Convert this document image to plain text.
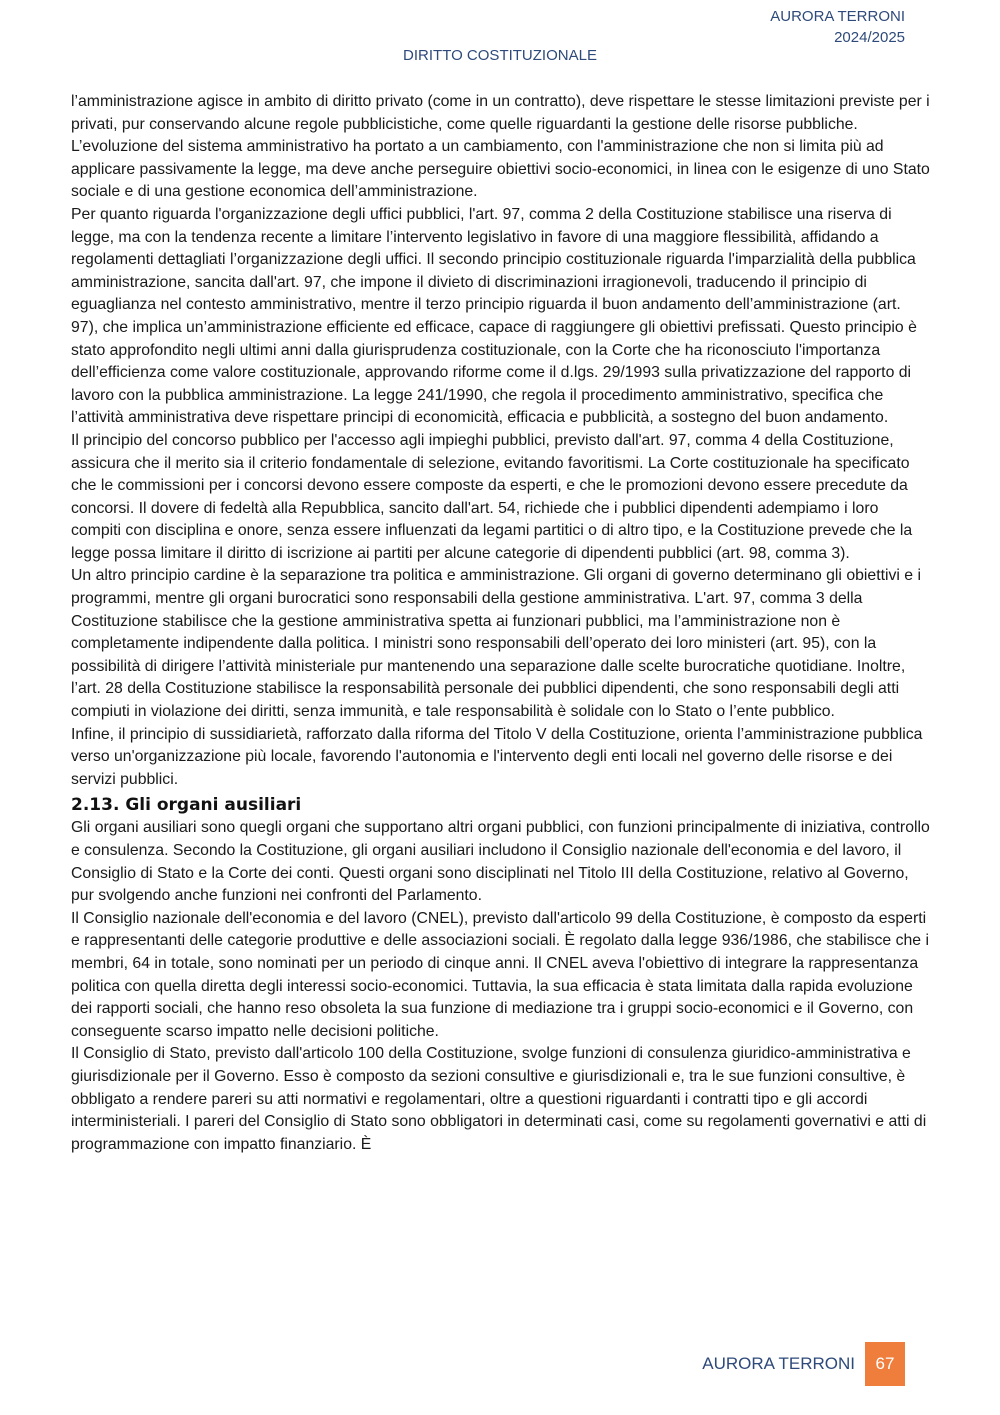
AURORA TERRONI
2024/2025
DIRITTO COSTITUZIONALE

l’amministrazione agisce in ambito di diritto privato (come in un contratto), deve rispettare le stesse limitazioni previste per i privati, pur conservando alcune regole pubblicistiche, come quelle riguardanti la gestione delle risorse pubbliche. L’evoluzione del sistema amministrativo ha portato a un cambiamento, con l'amministrazione che non si limita più ad applicare passivamente la legge, ma deve anche perseguire obiettivi socio-economici, in linea con le esigenze di uno Stato sociale e di una gestione economica dell’amministrazione.

Per quanto riguarda l'organizzazione degli uffici pubblici, l'art. 97, comma 2 della Costituzione stabilisce una riserva di legge, ma con la tendenza recente a limitare l’intervento legislativo in favore di una maggiore flessibilità, affidando a regolamenti dettagliati l’organizzazione degli uffici. Il secondo principio costituzionale riguarda l'imparzialità della pubblica amministrazione, sancita dall'art. 97, che impone il divieto di discriminazioni irragionevoli, traducendo il principio di eguaglianza nel contesto amministrativo, mentre il terzo principio riguarda il buon andamento dell’amministrazione (art. 97), che implica un’amministrazione efficiente ed efficace, capace di raggiungere gli obiettivi prefissati. Questo principio è stato approfondito negli ultimi anni dalla giurisprudenza costituzionale, con la Corte che ha riconosciuto l'importanza dell’efficienza come valore costituzionale, approvando riforme come il d.lgs. 29/1993 sulla privatizzazione del rapporto di lavoro con la pubblica amministrazione. La legge 241/1990, che regola il procedimento amministrativo, specifica che l’attività amministrativa deve rispettare principi di economicità, efficacia e pubblicità, a sostegno del buon andamento.

Il principio del concorso pubblico per l'accesso agli impieghi pubblici, previsto dall'art. 97, comma 4 della Costituzione, assicura che il merito sia il criterio fondamentale di selezione, evitando favoritismi. La Corte costituzionale ha specificato che le commissioni per i concorsi devono essere composte da esperti, e che le promozioni devono essere precedute da concorsi. Il dovere di fedeltà alla Repubblica, sancito dall'art. 54, richiede che i pubblici dipendenti adempiamo i loro compiti con disciplina e onore, senza essere influenzati da legami partitici o di altro tipo, e la Costituzione prevede che la legge possa limitare il diritto di iscrizione ai partiti per alcune categorie di dipendenti pubblici (art. 98, comma 3).

Un altro principio cardine è la separazione tra politica e amministrazione. Gli organi di governo determinano gli obiettivi e i programmi, mentre gli organi burocratici sono responsabili della gestione amministrativa. L'art. 97, comma 3 della Costituzione stabilisce che la gestione amministrativa spetta ai funzionari pubblici, ma l’amministrazione non è completamente indipendente dalla politica. I ministri sono responsabili dell’operato dei loro ministeri (art. 95), con la possibilità di dirigere l’attività ministeriale pur mantenendo una separazione dalle scelte burocratiche quotidiane. Inoltre, l’art. 28 della Costituzione stabilisce la responsabilità personale dei pubblici dipendenti, che sono responsabili degli atti compiuti in violazione dei diritti, senza immunità, e tale responsabilità è solidale con lo Stato o l’ente pubblico.

Infine, il principio di sussidiarietà, rafforzato dalla riforma del Titolo V della Costituzione, orienta l’amministrazione pubblica verso un'organizzazione più locale, favorendo l'autonomia e l'intervento degli enti locali nel governo delle risorse e dei servizi pubblici.

2.13. Gli organi ausiliari

Gli organi ausiliari sono quegli organi che supportano altri organi pubblici, con funzioni principalmente di iniziativa, controllo e consulenza. Secondo la Costituzione, gli organi ausiliari includono il Consiglio nazionale dell'economia e del lavoro, il Consiglio di Stato e la Corte dei conti. Questi organi sono disciplinati nel Titolo III della Costituzione, relativo al Governo, pur svolgendo anche funzioni nei confronti del Parlamento.

Il Consiglio nazionale dell'economia e del lavoro (CNEL), previsto dall'articolo 99 della Costituzione, è composto da esperti e rappresentanti delle categorie produttive e delle associazioni sociali. È regolato dalla legge 936/1986, che stabilisce che i membri, 64 in totale, sono nominati per un periodo di cinque anni. Il CNEL aveva l'obiettivo di integrare la rappresentanza politica con quella diretta degli interessi socio-economici. Tuttavia, la sua efficacia è stata limitata dalla rapida evoluzione dei rapporti sociali, che hanno reso obsoleta la sua funzione di mediazione tra i gruppi socio-economici e il Governo, con conseguente scarso impatto nelle decisioni politiche.

Il Consiglio di Stato, previsto dall'articolo 100 della Costituzione, svolge funzioni di consulenza giuridico-amministrativa e giurisdizionale per il Governo. Esso è composto da sezioni consultive e giurisdizionali e, tra le sue funzioni consultive, è obbligato a rendere pareri su atti normativi e regolamentari, oltre a questioni riguardanti i contratti tipo e gli accordi interministeriali. I pareri del Consiglio di Stato sono obbligatori in determinati casi, come su regolamenti governativi e atti di programmazione con impatto finanziario. È

AURORA TERRONI	67
